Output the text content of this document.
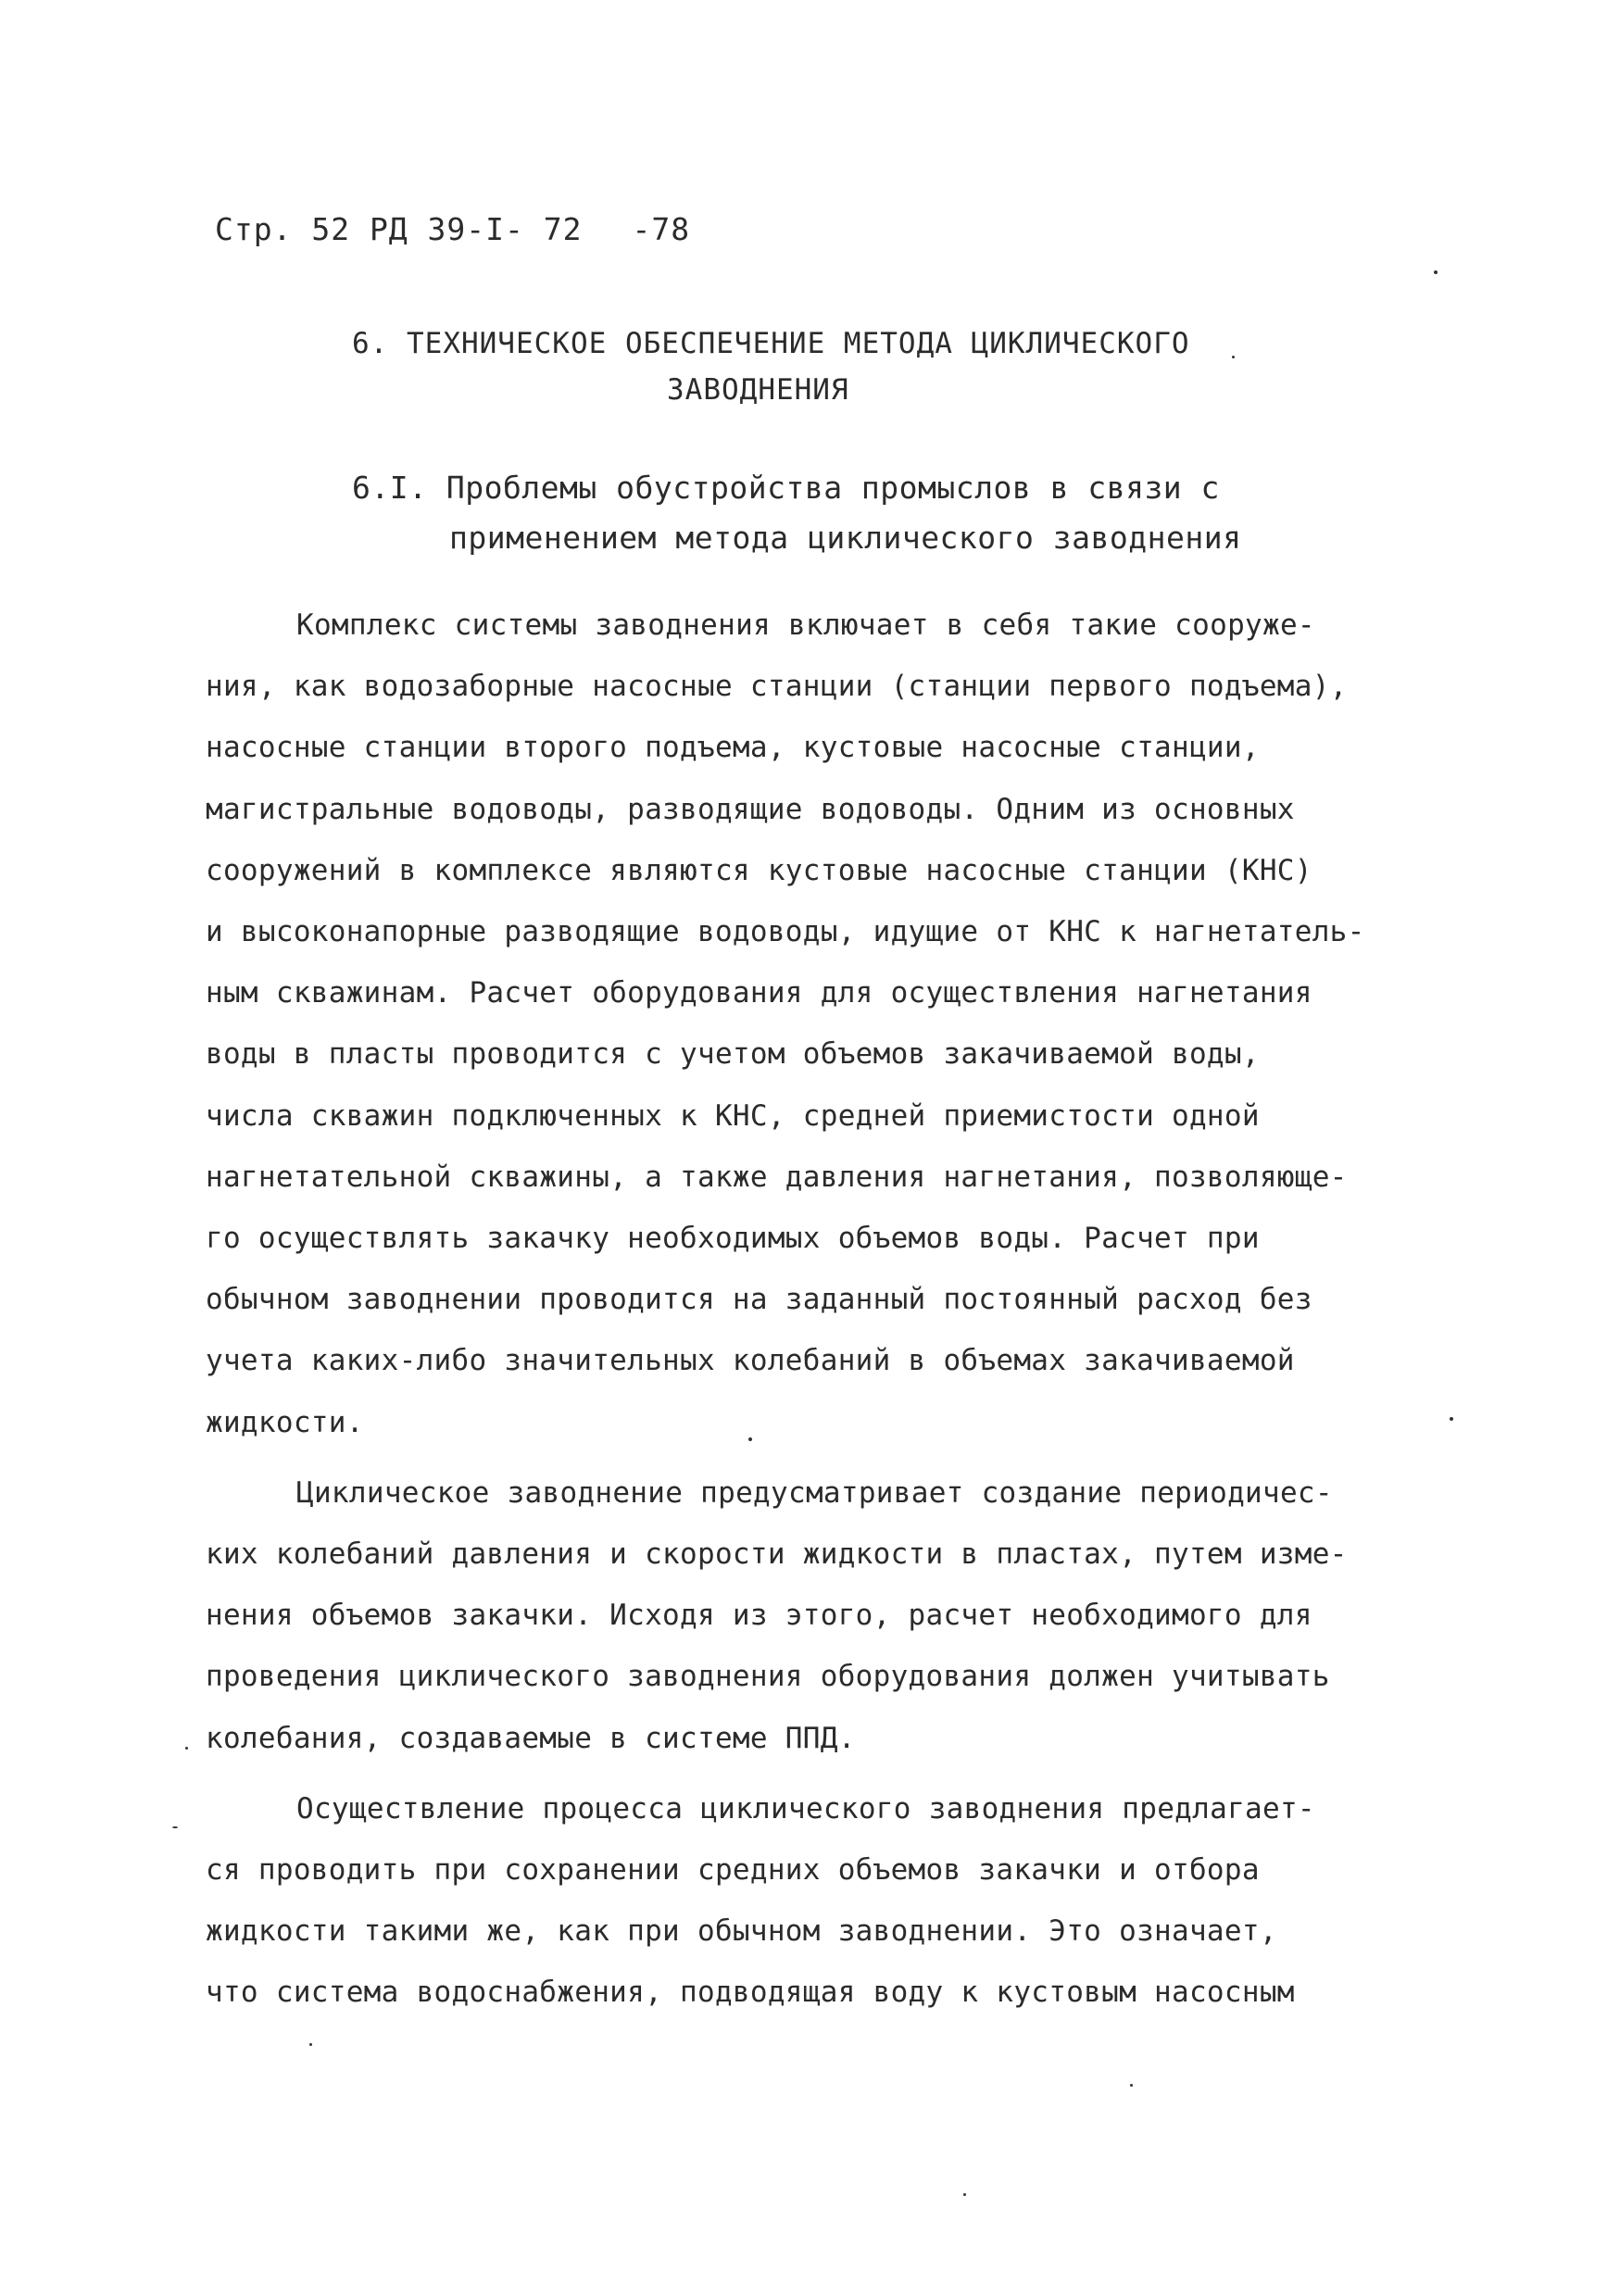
Стр. 52 РД 39-I- 72 -78
6. ТЕХНИЧЕСКОЕ ОБЕСПЕЧЕНИЕ МЕТОДА ЦИКЛИЧЕСКОГО
ЗАВОДНЕНИЯ
6.I. Проблемы обустройства промыслов в связи с
применением метода циклического заводнения

Комплекс системы заводнения включает в себя такие сооруже-
ния, как водозаборные насосные станции (станции первого подъема),
насосные станции второго подъема, кустовые насосные станции,
магистральные водоводы, разводящие водоводы. Одним из основных
сооружений в комплексе являются кустовые насосные станции (КНС)
и высоконапорные разводящие водоводы, идущие от КНС к нагнетатель-
ным скважинам. Расчет оборудования для осуществления нагнетания
воды в пласты проводится с учетом объемов закачиваемой воды,
числа скважин подключенных к КНС, средней приемистости одной
нагнетательной скважины, а также давления нагнетания, позволяюще-
го осуществлять закачку необходимых объемов воды. Расчет при
обычном заводнении проводится на заданный постоянный расход без
учета каких-либо значительных колебаний в объемах закачиваемой
жидкости.

Циклическое заводнение предусматривает создание периодичес-
ких колебаний давления и скорости жидкости в пластах, путем изме-
нения объемов закачки. Исходя из этого, расчет необходимого для
проведения циклического заводнения оборудования должен учитывать
колебания, создаваемые в системе ППД.

Осуществление процесса циклического заводнения предлагает-
ся проводить при сохранении средних объемов закачки и отбора
жидкости такими же, как при обычном заводнении. Это означает,
что система водоснабжения, подводящая воду к кустовым насосным
